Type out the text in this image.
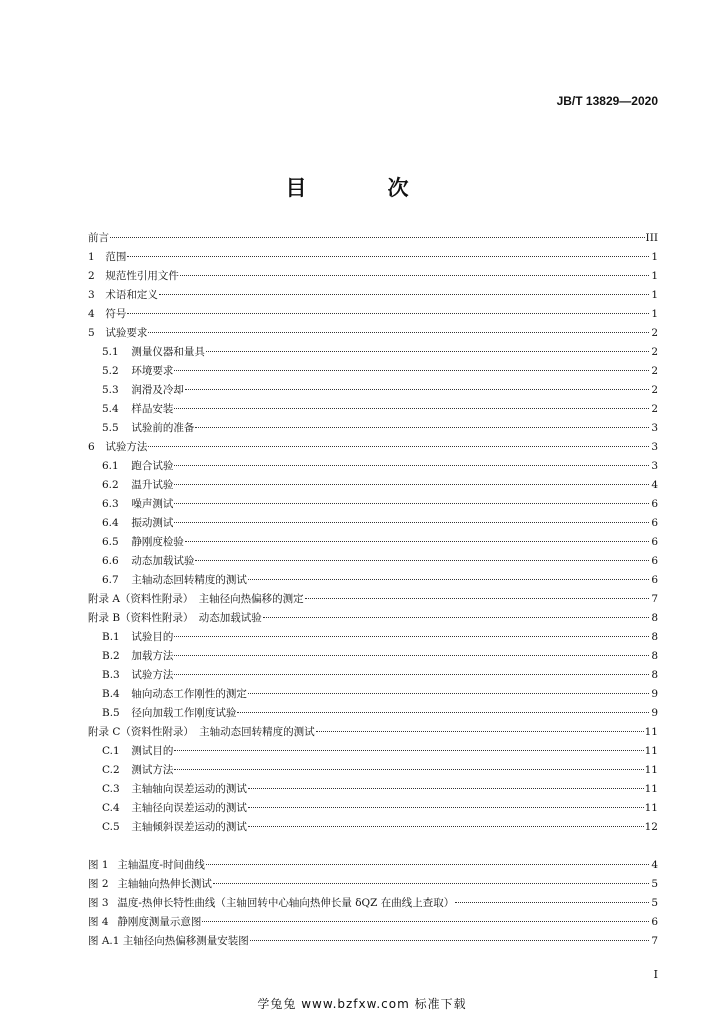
JB/T 13829—2020
目　次
前言	III
1 范围	1
2 规范性引用文件	1
3 术语和定义	1
4 符号	1
5 试验要求	2
5.1 测量仪器和量具	2
5.2 环境要求	2
5.3 润滑及冷却	2
5.4 样品安装	2
5.5 试验前的准备	3
6 试验方法	3
6.1 跑合试验	3
6.2 温升试验	4
6.3 噪声测试	6
6.4 振动测试	6
6.5 静刚度检验	6
6.6 动态加载试验	6
6.7 主轴动态回转精度的测试	6
附录 A（资料性附录）　主轴径向热偏移的测定	7
附录 B（资料性附录）　动态加载试验	8
B.1 试验目的	8
B.2 加载方法	8
B.3 试验方法	8
B.4 轴向动态工作刚性的测定	9
B.5 径向加载工作刚度试验	9
附录 C（资料性附录）　主轴动态回转精度的测试	11
C.1 测试目的	11
C.2 测试方法	11
C.3 主轴轴向误差运动的测试	11
C.4 主轴径向误差运动的测试	11
C.5 主轴倾斜误差运动的测试	12
图 1 主轴温度-时间曲线	4
图 2 主轴轴向热伸长测试	5
图 3 温度-热伸长特性曲线（主轴回转中心轴向热伸长量 δQZ 在曲线上查取）	5
图 4 静刚度测量示意图	6
图 A.1 主轴径向热偏移测量安装图	7
I
学兔兔 www.bzfxw.com 标准下载
